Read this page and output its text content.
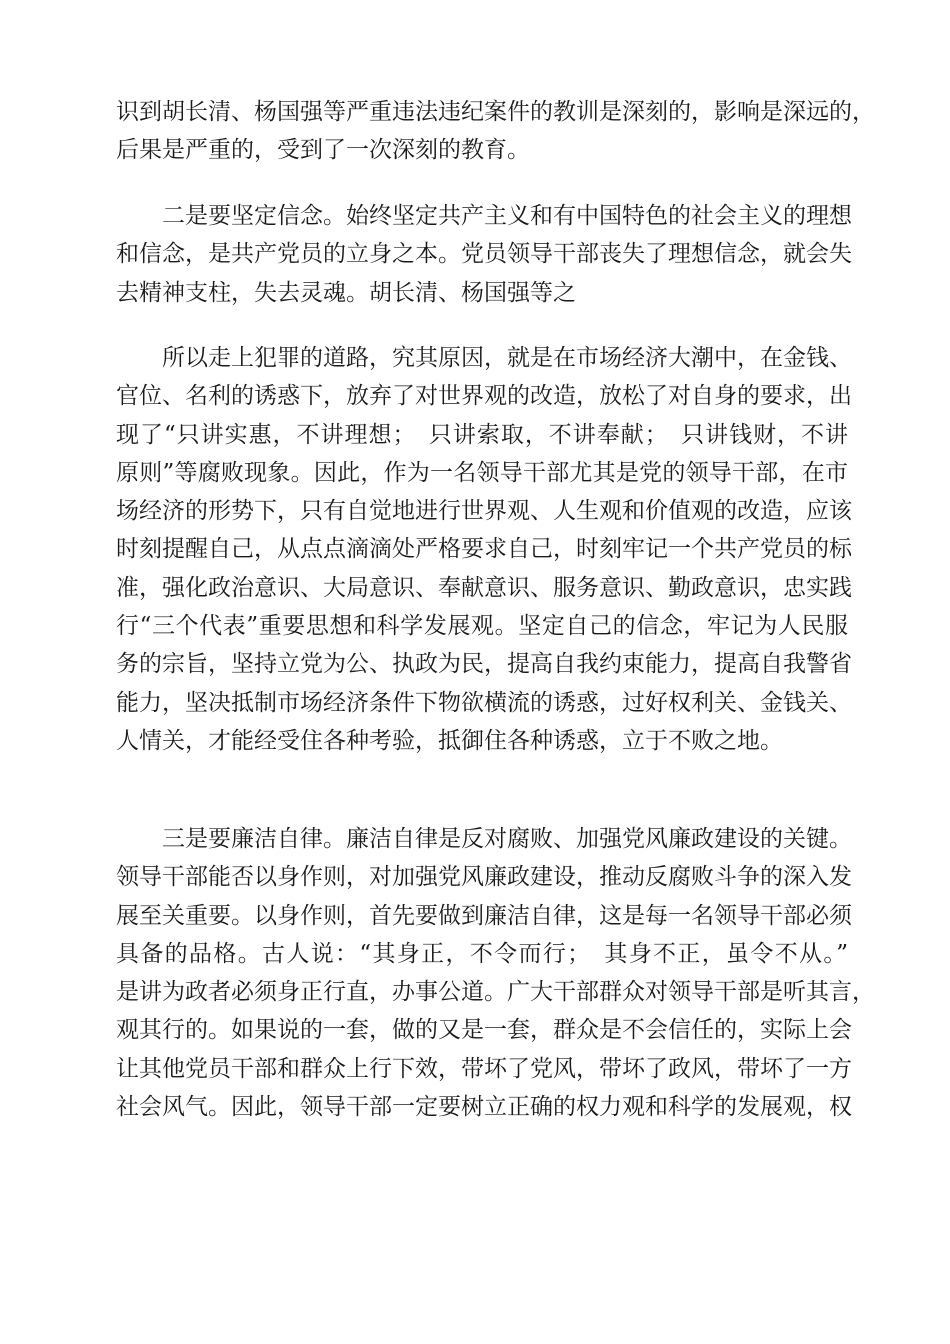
识到胡长清、杨国强等严重违法违纪案件的教训是深刻的，影响是深远的，
后果是严重的，受到了一次深刻的教育。
二是要坚定信念。始终坚定共产主义和有中国特色的社会主义的理想
和信念，是共产党员的立身之本。党员领导干部丧失了理想信念，就会失
去精神支柱，失去灵魂。胡长清、杨国强等之
所以走上犯罪的道路，究其原因，就是在市场经济大潮中，在金钱、
官位、名利的诱惑下，放弃了对世界观的改造，放松了对自身的要求，出
现了“只讲实惠，不讲理想；　只讲索取，不讲奉献；　只讲钱财，不讲
原则”等腐败现象。因此，作为一名领导干部尤其是党的领导干部，在市
场经济的形势下，只有自觉地进行世界观、人生观和价值观的改造，应该
时刻提醒自己，从点点滴滴处严格要求自己，时刻牢记一个共产党员的标
准，强化政治意识、大局意识、奉献意识、服务意识、勤政意识，忠实践
行“三个代表”重要思想和科学发展观。坚定自己的信念，牢记为人民服
务的宗旨，坚持立党为公、执政为民，提高自我约束能力，提高自我警省
能力，坚决抵制市场经济条件下物欲横流的诱惑，过好权利关、金钱关、
人情关，才能经受住各种考验，抵御住各种诱惑，立于不败之地。
三是要廉洁自律。廉洁自律是反对腐败、加强党风廉政建设的关键。
领导干部能否以身作则，对加强党风廉政建设，推动反腐败斗争的深入发
展至关重要。以身作则，首先要做到廉洁自律，这是每一名领导干部必须
具备的品格。古人说：“其身正，不令而行；　其身不正，虽令不从。”
是讲为政者必须身正行直，办事公道。广大干部群众对领导干部是听其言，
观其行的。如果说的一套，做的又是一套，群众是不会信任的，实际上会
让其他党员干部和群众上行下效，带坏了党风，带坏了政风，带坏了一方
社会风气。因此，领导干部一定要树立正确的权力观和科学的发展观，权
